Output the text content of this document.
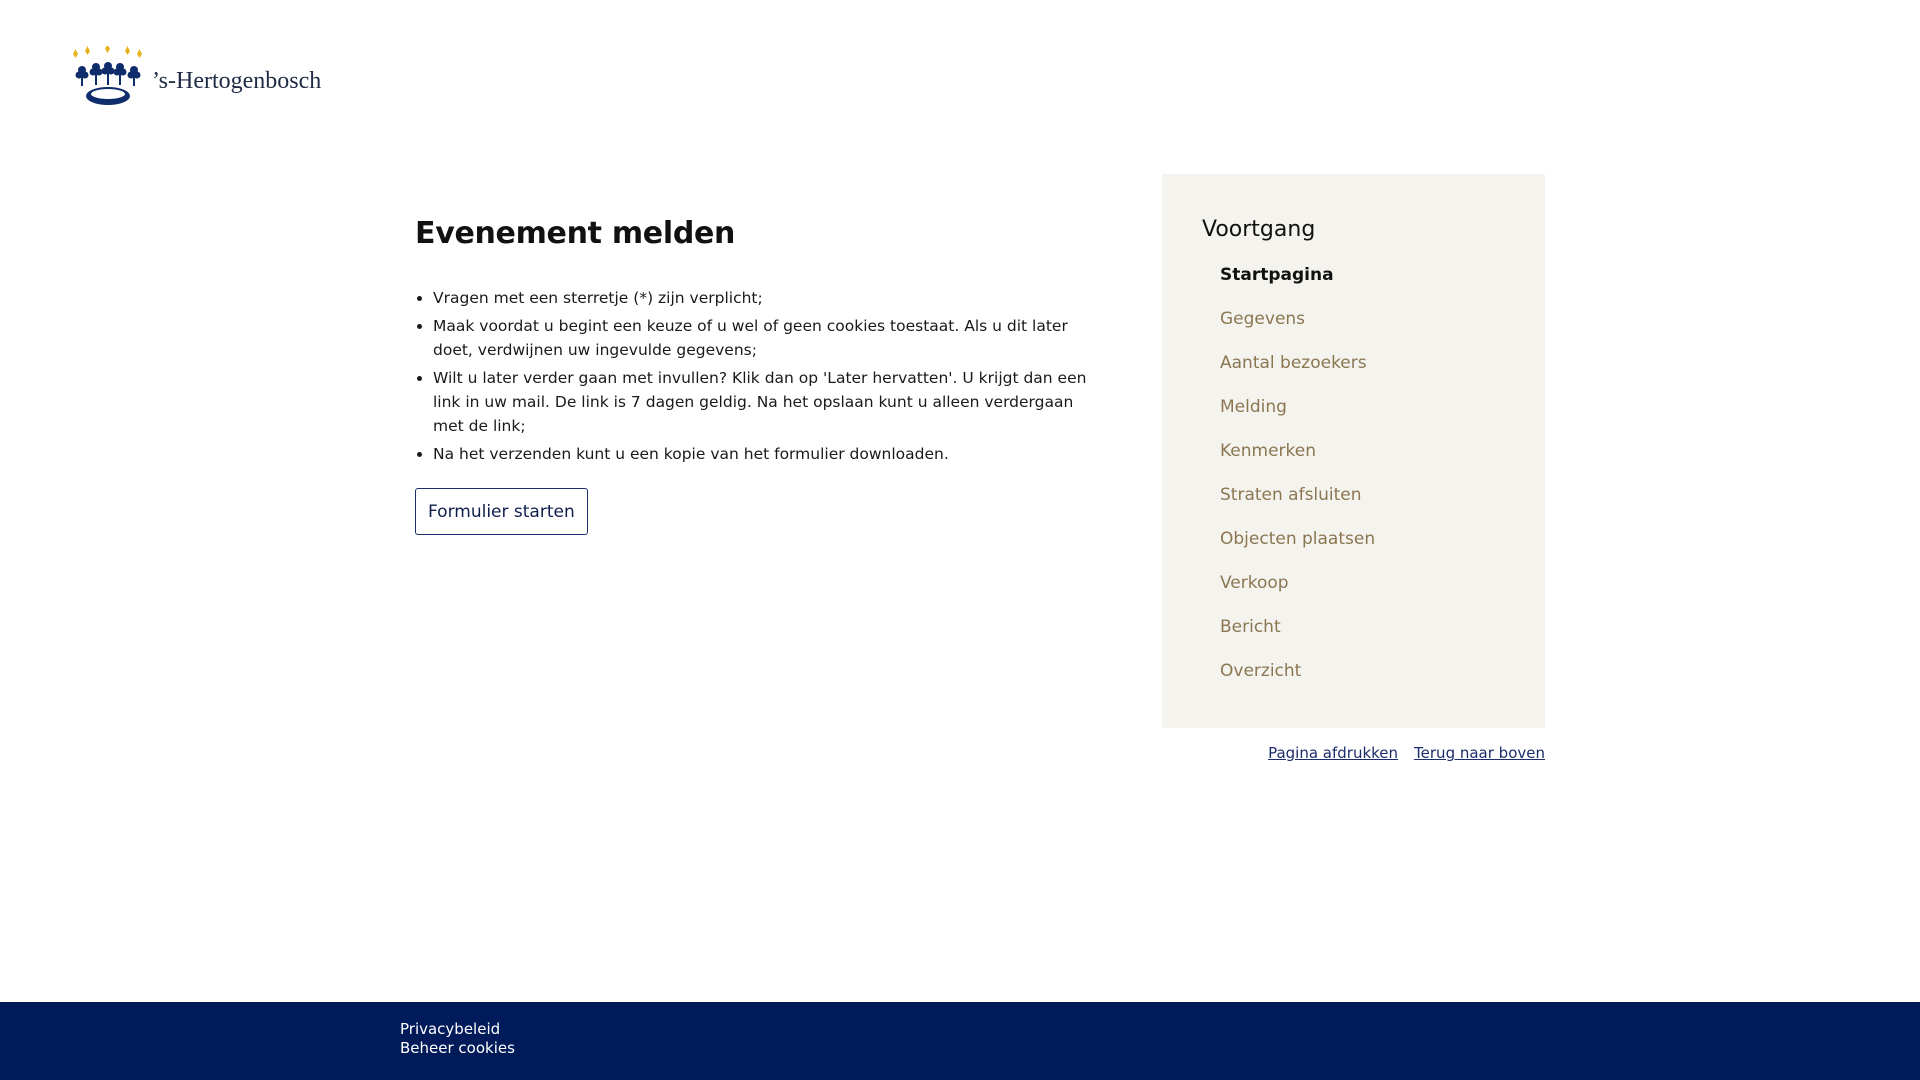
’s-Hertogenbosch
Evenement melden
• Vragen met een sterretje (*) zijn verplicht;
• Maak voordat u begint een keuze of u wel of geen cookies toestaat. Als u dit later doet, verdwijnen uw ingevulde gegevens;
• Wilt u later verder gaan met invullen? Klik dan op 'Later hervatten'. U krijgt dan een link in uw mail. De link is 7 dagen geldig. Na het opslaan kunt u alleen verdergaan met de link;
• Na het verzenden kunt u een kopie van het formulier downloaden.
Formulier starten
Voortgang
Startpagina
Gegevens
Aantal bezoekers
Melding
Kenmerken
Straten afsluiten
Objecten plaatsen
Verkoop
Bericht
Overzicht
Pagina afdrukken Terug naar boven
Privacybeleid
Beheer cookies
